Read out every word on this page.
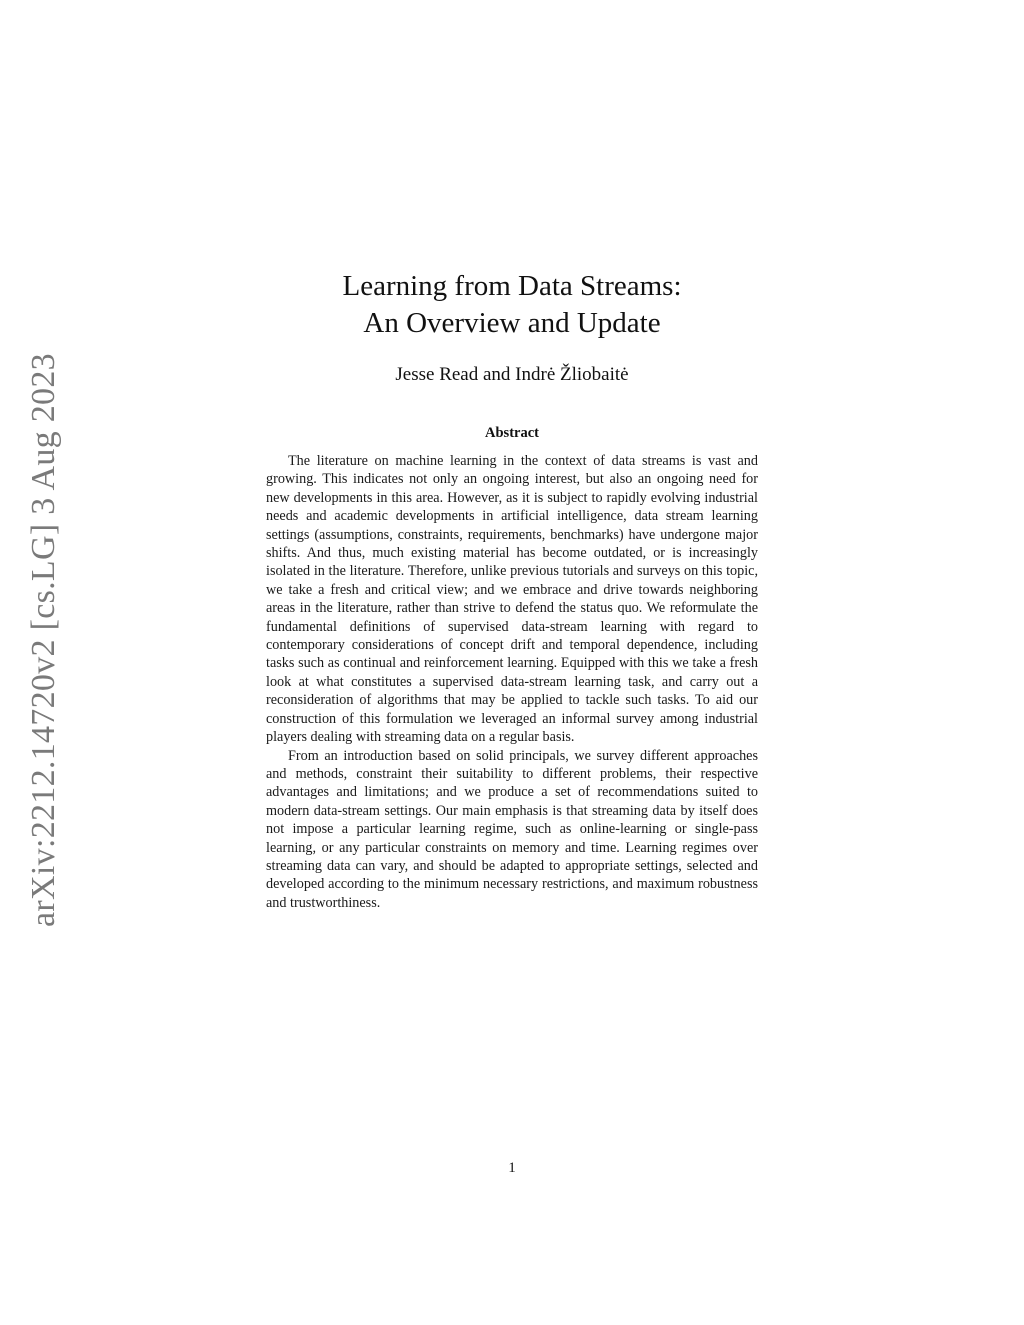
arXiv:2212.14720v2 [cs.LG] 3 Aug 2023
Learning from Data Streams:
An Overview and Update
Jesse Read and Indrė Žliobaitė
Abstract

The literature on machine learning in the context of data streams is vast and growing. This indicates not only an ongoing interest, but also an ongoing need for new developments in this area. However, as it is subject to rapidly evolving industrial needs and academic developments in artificial intelligence, data stream learning settings (assumptions, constraints, requirements, benchmarks) have undergone major shifts. And thus, much existing material has become outdated, or is increasingly isolated in the literature. Therefore, unlike previous tutorials and surveys on this topic, we take a fresh and critical view; and we embrace and drive towards neighboring areas in the literature, rather than strive to defend the status quo. We reformulate the fundamental definitions of supervised data-stream learning with regard to contemporary considerations of concept drift and temporal dependence, including tasks such as continual and reinforcement learning. Equipped with this we take a fresh look at what constitutes a supervised data-stream learning task, and carry out a reconsideration of algorithms that may be applied to tackle such tasks. To aid our construction of this formulation we leveraged an informal survey among industrial players dealing with streaming data on a regular basis.

From an introduction based on solid principals, we survey different approaches and methods, constraint their suitability to different problems, their respective advantages and limitations; and we produce a set of recommendations suited to modern data-stream settings. Our main emphasis is that streaming data by itself does not impose a particular learning regime, such as online-learning or single-pass learning, or any particular constraints on memory and time. Learning regimes over streaming data can vary, and should be adapted to appropriate settings, selected and developed according to the minimum necessary restrictions, and maximum robustness and trustworthiness.

1
